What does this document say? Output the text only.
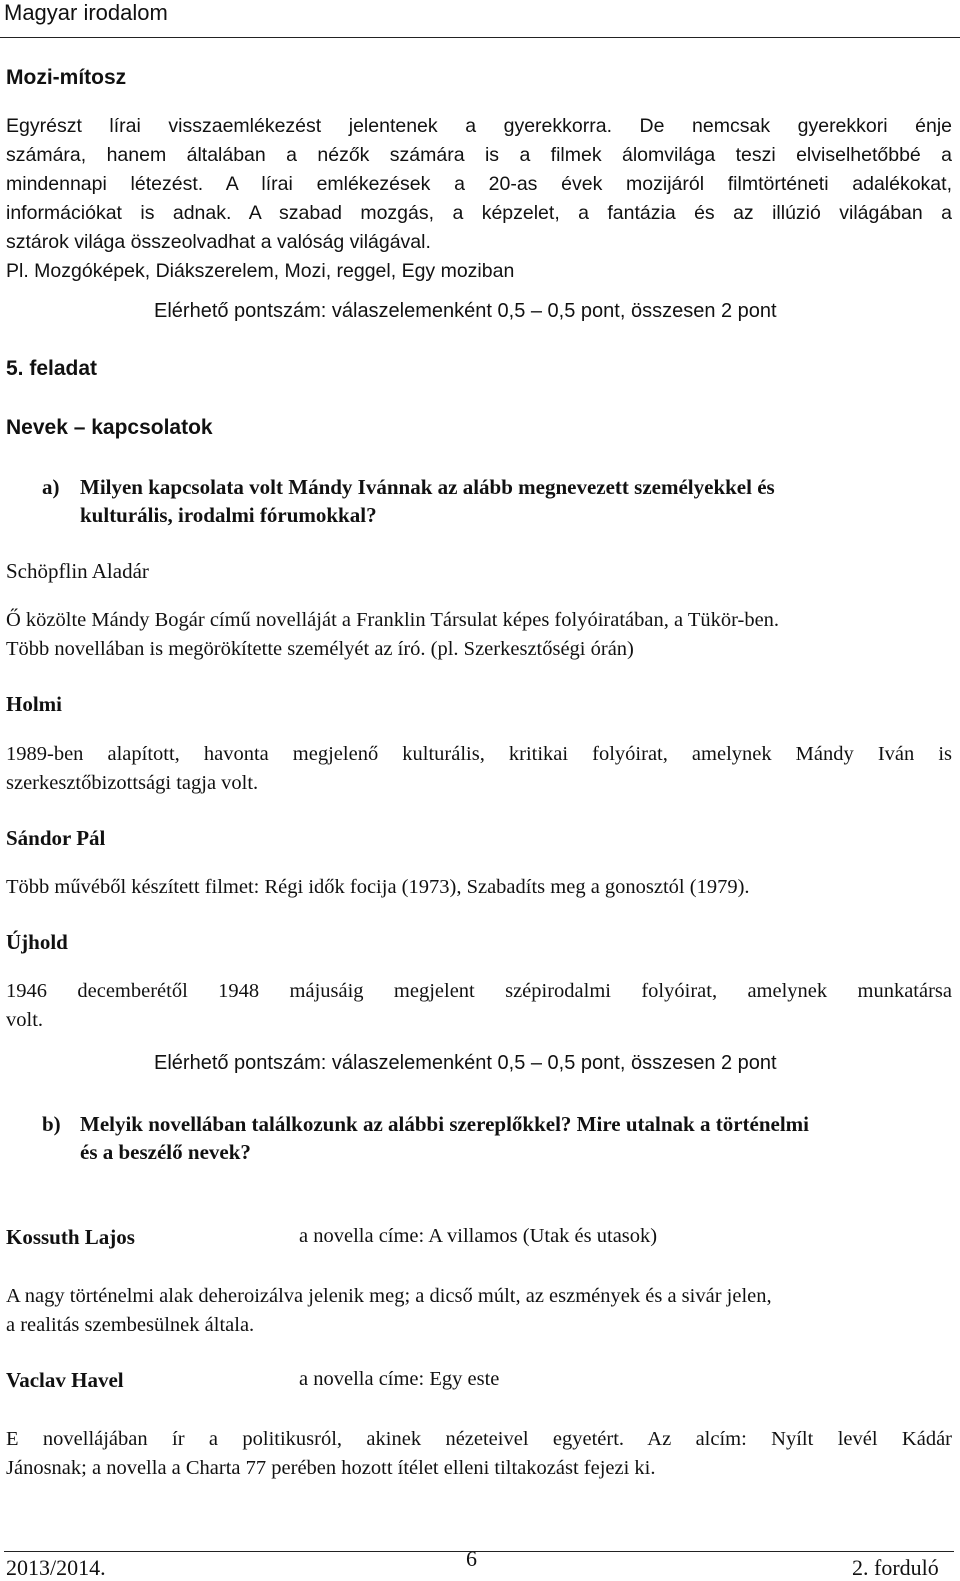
Magyar irodalom
Mozi-mítosz
Egyrészt lírai visszaemlékezést jelentenek a gyerekkorra. De nemcsak gyerekkori énje
számára, hanem általában a nézők számára is a filmek álomvilága teszi elviselhetőbbé a
mindennapi létezést. A lírai emlékezések a 20-as évek mozijáról filmtörténeti adalékokat,
információkat is adnak. A szabad mozgás, a képzelet, a fantázia és az illúzió világában a
sztárok világa összeolvadhat a valóság világával.
Pl. Mozgóképek, Diákszerelem, Mozi, reggel, Egy moziban
Elérhető pontszám: válaszelemenként 0,5 – 0,5 pont, összesen 2 pont
5. feladat
Nevek – kapcsolatok
a) Milyen kapcsolata volt Mándy Ivánnak az alább megnevezett személyekkel és
kulturális, irodalmi fórumokkal?
Schöpflin Aladár
Ő közölte Mándy Bogár című novelláját a Franklin Társulat képes folyóiratában, a Tükör-ben.
Több novellában is megörökítette személyét az író. (pl. Szerkesztőségi órán)
Holmi
1989-ben alapított, havonta megjelenő kulturális, kritikai folyóirat, amelynek Mándy Iván is
szerkesztőbizottsági tagja volt.
Sándor Pál
Több művéből készített filmet: Régi idők focija (1973), Szabadíts meg a gonosztól (1979).
Újhold
1946 decemberétől 1948 májusáig megjelent szépirodalmi folyóirat, amelynek munkatársa
volt.
Elérhető pontszám: válaszelemenként 0,5 – 0,5 pont, összesen 2 pont
b) Melyik novellában találkozunk az alábbi szereplőkkel? Mire utalnak a történelmi
és a beszélő nevek?
Kossuth Lajos	a novella címe: A villamos (Utak és utasok)
A nagy történelmi alak deheroizálva jelenik meg; a dicső múlt, az eszmények és a sivár jelen,
a realitás szembesülnek általa.
Vaclav Havel	a novella címe: Egy este
E novellájában ír a politikusról, akinek nézeteivel egyetért. Az alcím: Nyílt levél Kádár
Jánosnak; a novella a Charta 77 perében hozott ítélet elleni tiltakozást fejezi ki.
2013/2014.	6	2. forduló
